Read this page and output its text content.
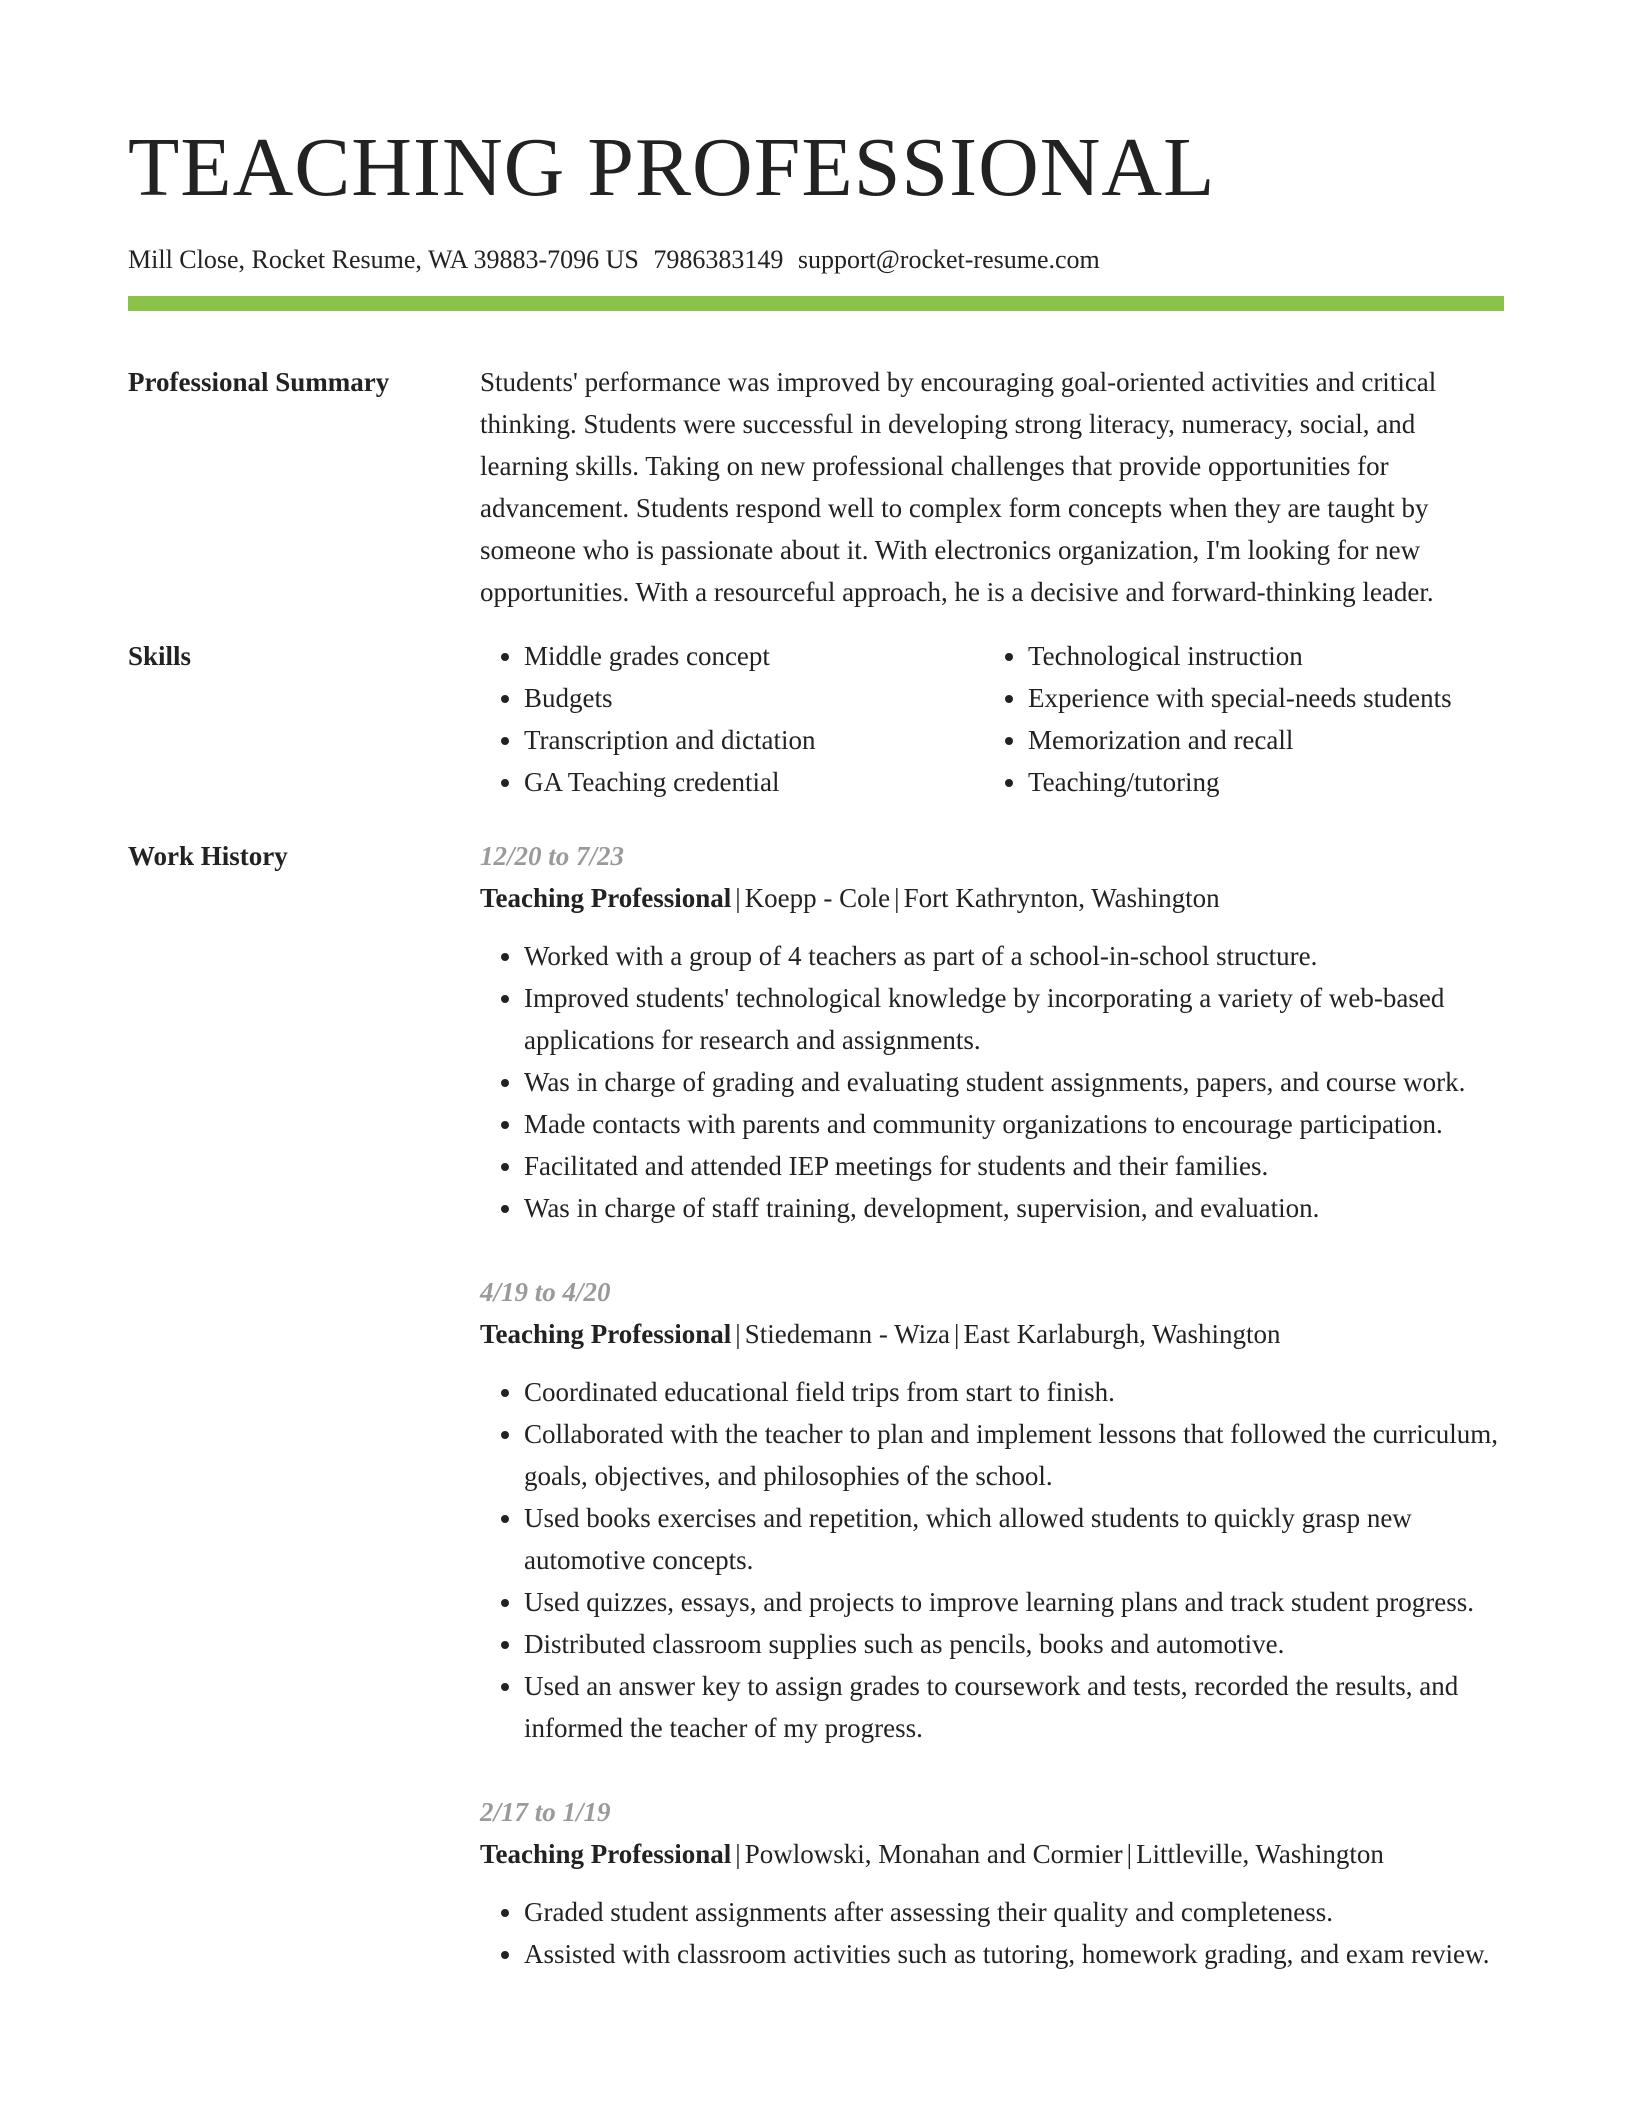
TEACHING PROFESSIONAL
Mill Close, Rocket Resume, WA 39883-7096 US 7986383149 support@rocket-resume.com
Professional Summary	Students' performance was improved by encouraging goal-oriented activities and critical thinking. Students were successful in developing strong literacy, numeracy, social, and learning skills. Taking on new professional challenges that provide opportunities for advancement. Students respond well to complex form concepts when they are taught by someone who is passionate about it. With electronics organization, I'm looking for new opportunities. With a resourceful approach, he is a decisive and forward-thinking leader.

Skills
•	Middle grades concept
• Budgets
• Transcription and dictation
• GA Teaching credential
• Technological instruction
• Experience with special-needs students
• Memorization and recall
• Teaching/tutoring
Work History	12/20 to 7/23
Teaching Professional | Koepp - Cole | Fort Kathrynton, Washington
• Worked with a group of 4 teachers as part of a school-in-school structure.
• Improved students' technological knowledge by incorporating a variety of web-based applications for research and assignments.
• Was in charge of grading and evaluating student assignments, papers, and course work.
• Made contacts with parents and community organizations to encourage participation.
• Facilitated and attended IEP meetings for students and their families.
• Was in charge of staff training, development, supervision, and evaluation.
4/19 to 4/20
Teaching Professional | Stiedemann - Wiza | East Karlaburgh, Washington
• Coordinated educational field trips from start to finish.
• Collaborated with the teacher to plan and implement lessons that followed the curriculum, goals, objectives, and philosophies of the school.
• Used books exercises and repetition, which allowed students to quickly grasp new automotive concepts.
• Used quizzes, essays, and projects to improve learning plans and track student progress.
• Distributed classroom supplies such as pencils, books and automotive.
• Used an answer key to assign grades to coursework and tests, recorded the results, and informed the teacher of my progress.
2/17 to 1/19
Teaching Professional | Powlowski, Monahan and Cormier | Littleville, Washington
• Graded student assignments after assessing their quality and completeness.
• Assisted with classroom activities such as tutoring, homework grading, and exam review.
